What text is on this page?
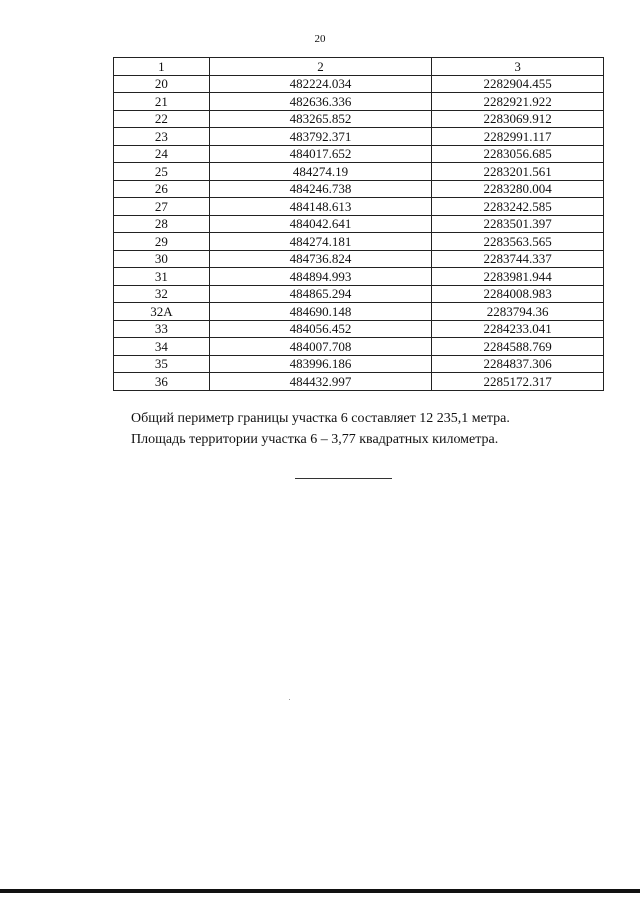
20
1	2	3
20	482224.034	2282904.455
21	482636.336	2282921.922
22	483265.852	2283069.912
23	483792.371	2282991.117
24	484017.652	2283056.685
25	484274.19	2283201.561
26	484246.738	2283280.004
27	484148.613	2283242.585
28	484042.641	2283501.397
29	484274.181	2283563.565
30	484736.824	2283744.337
31	484894.993	2283981.944
32	484865.294	2284008.983
32А	484690.148	2283794.36
33	484056.452	2284233.041
34	484007.708	2284588.769
35	483996.186	2284837.306
36	484432.997	2285172.317

Общий периметр границы участка 6 составляет 12 235,1 метра.

Площадь территории участка 6 – 3,77 квадратных километра.
